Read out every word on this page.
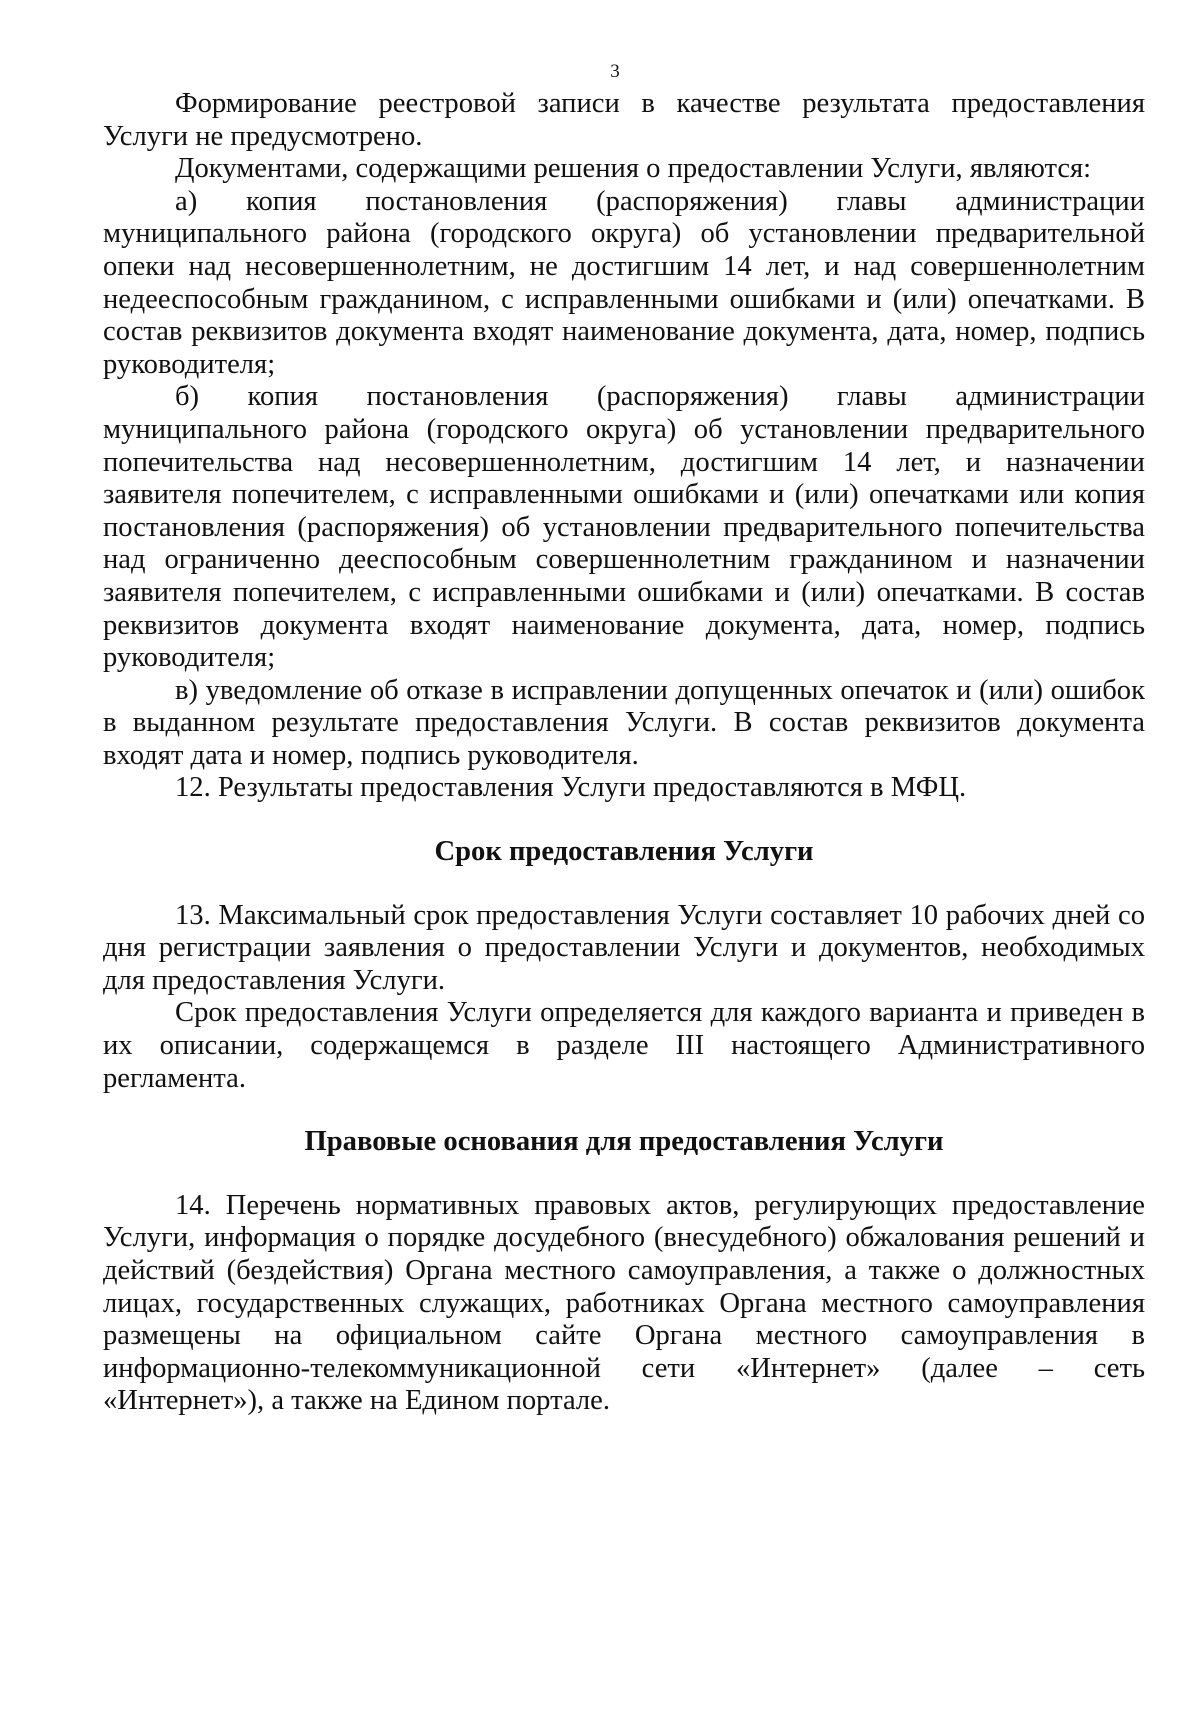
3

Формирование реестровой записи в качестве результата предоставления Услуги не предусмотрено.

Документами, содержащими решения о предоставлении Услуги, являются:

а) копия постановления (распоряжения) главы администрации муниципального района (городского округа) об установлении предварительной опеки над несовершеннолетним, не достигшим 14 лет, и над совершеннолетним недееспособным гражданином, с исправленными ошибками и (или) опечатками. В состав реквизитов документа входят наименование документа, дата, номер, подпись руководителя;

б) копия постановления (распоряжения) главы администрации муниципального района (городского округа) об установлении предварительного попечительства над несовершеннолетним, достигшим 14 лет, и назначении заявителя попечителем, с исправленными ошибками и (или) опечатками или копия постановления (распоряжения) об установлении предварительного попечительства над ограниченно дееспособным совершеннолетним гражданином и назначении заявителя попечителем, с исправленными ошибками и (или) опечатками. В состав реквизитов документа входят наименование документа, дата, номер, подпись руководителя;

в) уведомление об отказе в исправлении допущенных опечаток и (или) ошибок в выданном результате предоставления Услуги. В состав реквизитов документа входят дата и номер, подпись руководителя.

12. Результаты предоставления Услуги предоставляются в МФЦ.

Срок предоставления Услуги

13. Максимальный срок предоставления Услуги составляет 10 рабочих дней со дня регистрации заявления о предоставлении Услуги и документов, необходимых для предоставления Услуги.

Срок предоставления Услуги определяется для каждого варианта и приведен в их описании, содержащемся в разделе III настоящего Административного регламента.

Правовые основания для предоставления Услуги

14. Перечень нормативных правовых актов, регулирующих предоставление Услуги, информация о порядке досудебного (внесудебного) обжалования решений и действий (бездействия) Органа местного самоуправления, а также о должностных лицах, государственных служащих, работниках Органа местного самоуправления размещены на официальном сайте Органа местного самоуправления в информационно-телекоммуникационной сети «Интернет» (далее – сеть «Интернет»), а также на Едином портале.
